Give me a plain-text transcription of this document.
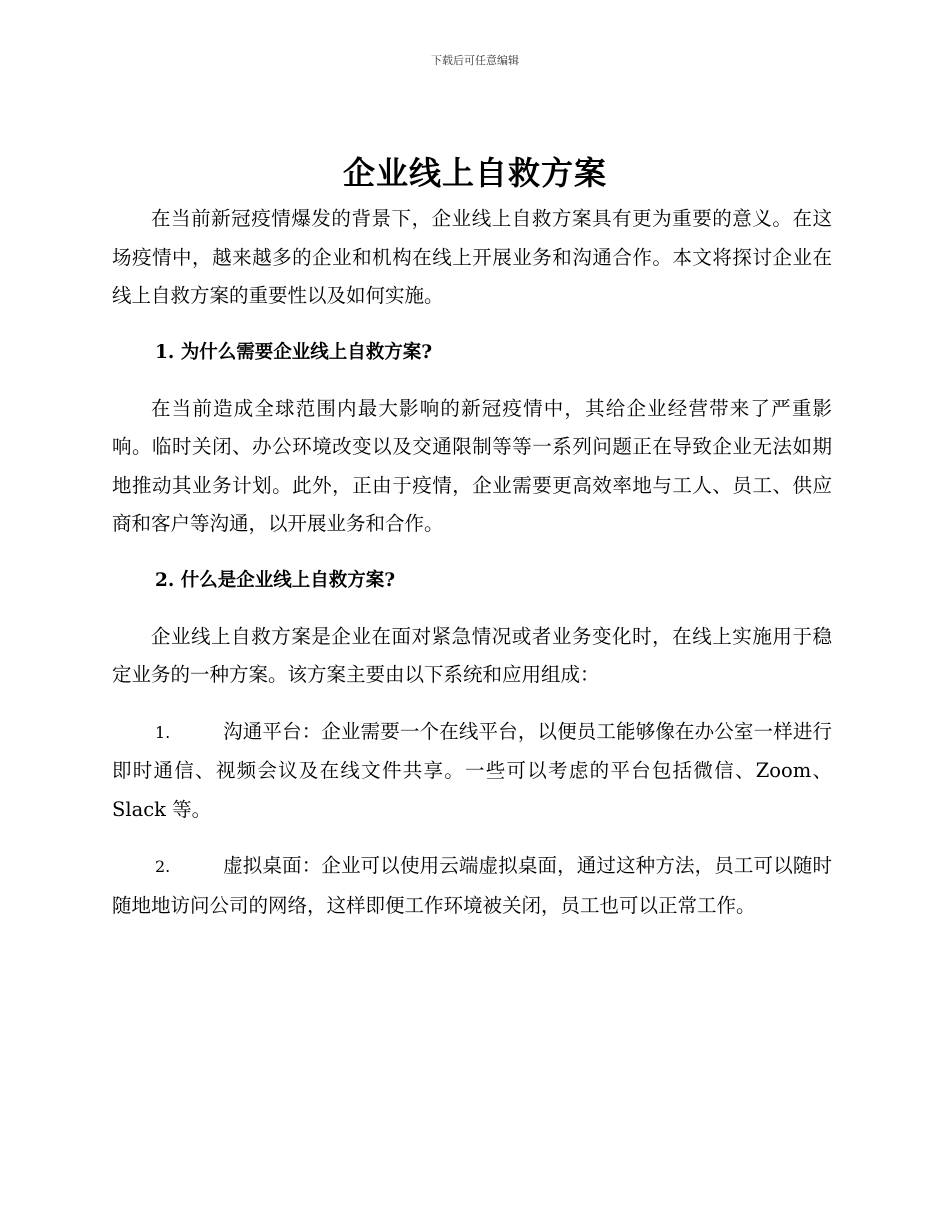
下载后可任意编辑
企业线上自救方案

在当前新冠疫情爆发的背景下，企业线上自救方案具有更为重要的意义。在这场疫情中，越来越多的企业和机构在线上开展业务和沟通合作。本文将探讨企业在线上自救方案的重要性以及如何实施。

1. 为什么需要企业线上自救方案?

在当前造成全球范围内最大影响的新冠疫情中，其给企业经营带来了严重影响。临时关闭、办公环境改变以及交通限制等等一系列问题正在导致企业无法如期地推动其业务计划。此外，正由于疫情，企业需要更高效率地与工人、员工、供应商和客户等沟通，以开展业务和合作。

2. 什么是企业线上自救方案?

企业线上自救方案是企业在面对紧急情况或者业务变化时，在线上实施用于稳定业务的一种方案。该方案主要由以下系统和应用组成：

1.	沟通平台：企业需要一个在线平台，以便员工能够像在办公室一样进行即时通信、视频会议及在线文件共享。一些可以考虑的平台包括微信、Zoom、Slack 等。

2.	虚拟桌面：企业可以使用云端虚拟桌面，通过这种方法，员工可以随时随地地访问公司的网络，这样即便工作环境被关闭，员工也可以正常工作。
